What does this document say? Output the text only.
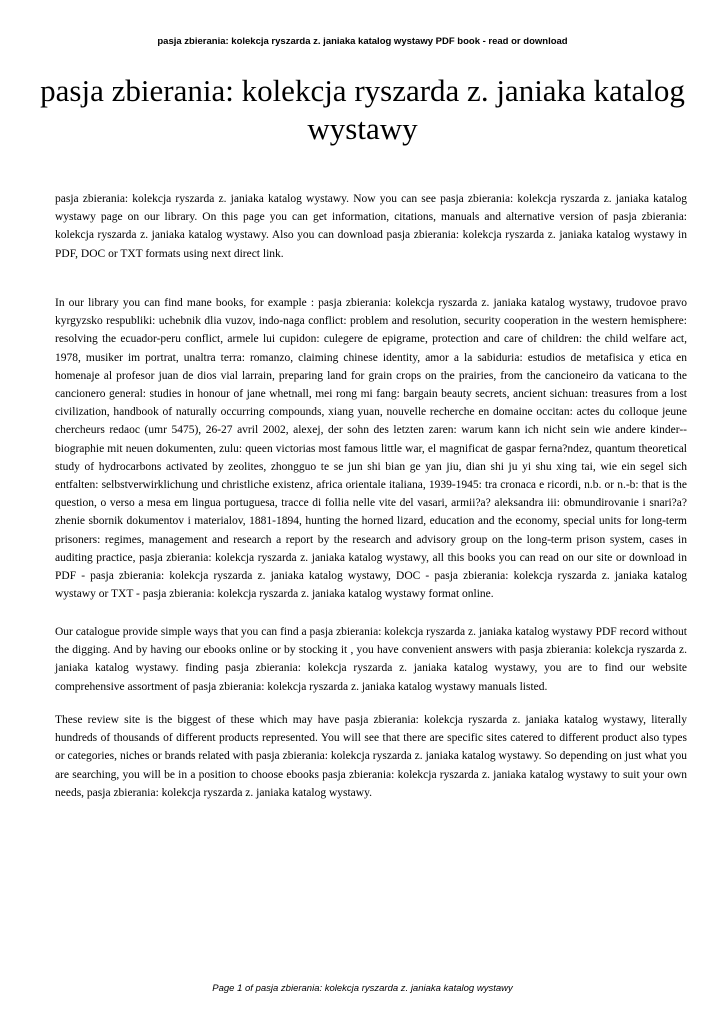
pasja zbierania: kolekcja ryszarda z. janiaka katalog wystawy PDF book - read or download
pasja zbierania: kolekcja ryszarda z. janiaka katalog wystawy

pasja zbierania: kolekcja ryszarda z. janiaka katalog wystawy. Now you can see pasja zbierania: kolekcja ryszarda z. janiaka katalog wystawy page on our library. On this page you can get information, citations, manuals and alternative version of pasja zbierania: kolekcja ryszarda z. janiaka katalog wystawy. Also you can download pasja zbierania: kolekcja ryszarda z. janiaka katalog wystawy in PDF, DOC or TXT formats using next direct link.

In our library you can find mane books, for example : pasja zbierania: kolekcja ryszarda z. janiaka katalog wystawy, trudovoe pravo kyrgyzsko respubliki: uchebnik dlia vuzov, indo-naga conflict: problem and resolution, security cooperation in the western hemisphere: resolving the ecuador-peru conflict, armele lui cupidon: culegere de epigrame, protection and care of children: the child welfare act, 1978, musiker im portrat, unaltra terra: romanzo, claiming chinese identity, amor a la sabiduria: estudios de metafisica y etica en homenaje al profesor juan de dios vial larrain, preparing land for grain crops on the prairies, from the cancioneiro da vaticana to the cancionero general: studies in honour of jane whetnall, mei rong mi fang: bargain beauty secrets, ancient sichuan: treasures from a lost civilization, handbook of naturally occurring compounds, xiang yuan, nouvelle recherche en domaine occitan: actes du colloque jeune chercheurs redaoc (umr 5475), 26-27 avril 2002, alexej, der sohn des letzten zaren: warum kann ich nicht sein wie andere kinder-- biographie mit neuen dokumenten, zulu: queen victorias most famous little war, el magnificat de gaspar ferna?ndez, quantum theoretical study of hydrocarbons activated by zeolites, zhongguo te se jun shi bian ge yan jiu, dian shi ju yi shu xing tai, wie ein segel sich entfalten: selbstverwirklichung und christliche existenz, africa orientale italiana, 1939-1945: tra cronaca e ricordi, n.b. or n.-b: that is the question, o verso a mesa em lingua portuguesa, tracce di follia nelle vite del vasari, armii?a? aleksandra iii: obmundirovanie i snari?a?zhenie sbornik dokumentov i materialov, 1881-1894, hunting the horned lizard, education and the economy, special units for long-term prisoners: regimes, management and research a report by the research and advisory group on the long-term prison system, cases in auditing practice, pasja zbierania: kolekcja ryszarda z. janiaka katalog wystawy, all this books you can read on our site or download in PDF - pasja zbierania: kolekcja ryszarda z. janiaka katalog wystawy, DOC - pasja zbierania: kolekcja ryszarda z. janiaka katalog wystawy or TXT - pasja zbierania: kolekcja ryszarda z. janiaka katalog wystawy format online.

Our catalogue provide simple ways that you can find a pasja zbierania: kolekcja ryszarda z. janiaka katalog wystawy PDF record without the digging. And by having our ebooks online or by stocking it , you have convenient answers with pasja zbierania: kolekcja ryszarda z. janiaka katalog wystawy. finding pasja zbierania: kolekcja ryszarda z. janiaka katalog wystawy, you are to find our website comprehensive assortment of pasja zbierania: kolekcja ryszarda z. janiaka katalog wystawy manuals listed.

These review site is the biggest of these which may have pasja zbierania: kolekcja ryszarda z. janiaka katalog wystawy, literally hundreds of thousands of different products represented. You will see that there are specific sites catered to different product also types or categories, niches or brands related with pasja zbierania: kolekcja ryszarda z. janiaka katalog wystawy. So depending on just what you are searching, you will be in a position to choose ebooks pasja zbierania: kolekcja ryszarda z. janiaka katalog wystawy to suit your own needs, pasja zbierania: kolekcja ryszarda z. janiaka katalog wystawy.

Page 1 of pasja zbierania: kolekcja ryszarda z. janiaka katalog wystawy
